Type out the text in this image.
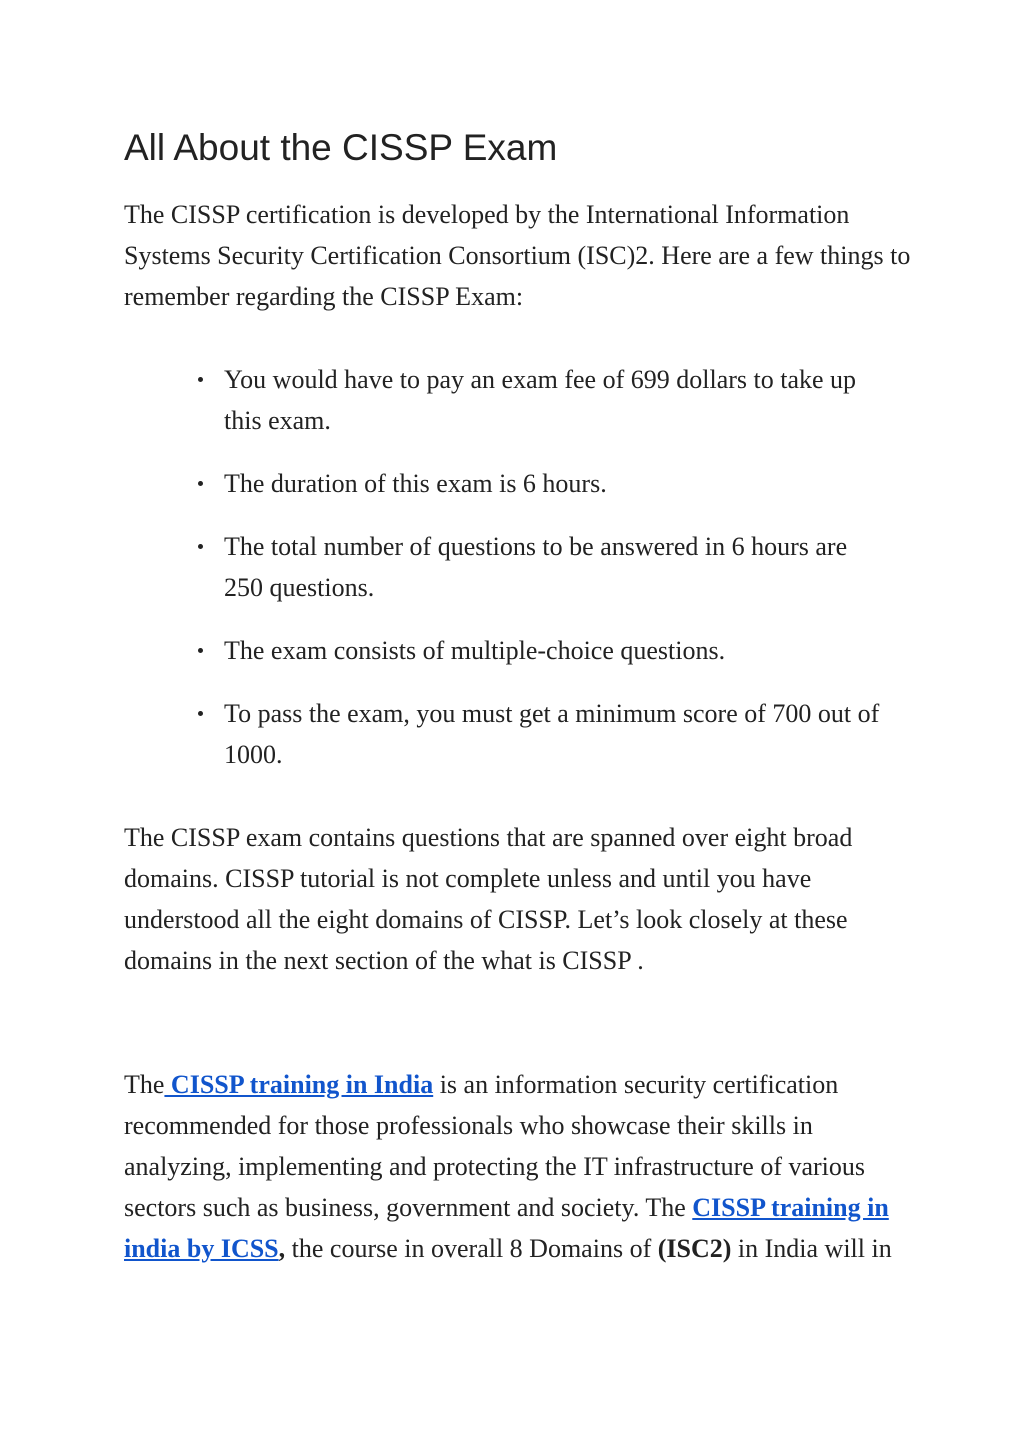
All About the CISSP Exam

The CISSP certification is developed by the International Information Systems Security Certification Consortium (ISC)2. Here are a few things to remember regarding the CISSP Exam:

You would have to pay an exam fee of 699 dollars to take up this exam.
The duration of this exam is 6 hours.
The total number of questions to be answered in 6 hours are 250 questions.
The exam consists of multiple-choice questions.
To pass the exam, you must get a minimum score of 700 out of 1000.

The CISSP exam contains questions that are spanned over eight broad domains. CISSP tutorial is not complete unless and until you have understood all the eight domains of CISSP. Let’s look closely at these domains in the next section of the what is CISSP .

The CISSP training in India is an information security certification recommended for those professionals who showcase their skills in analyzing, implementing and protecting the IT infrastructure of various sectors such as business, government and society. The CISSP training in india by ICSS, the course in overall 8 Domains of (ISC2) in India will in
